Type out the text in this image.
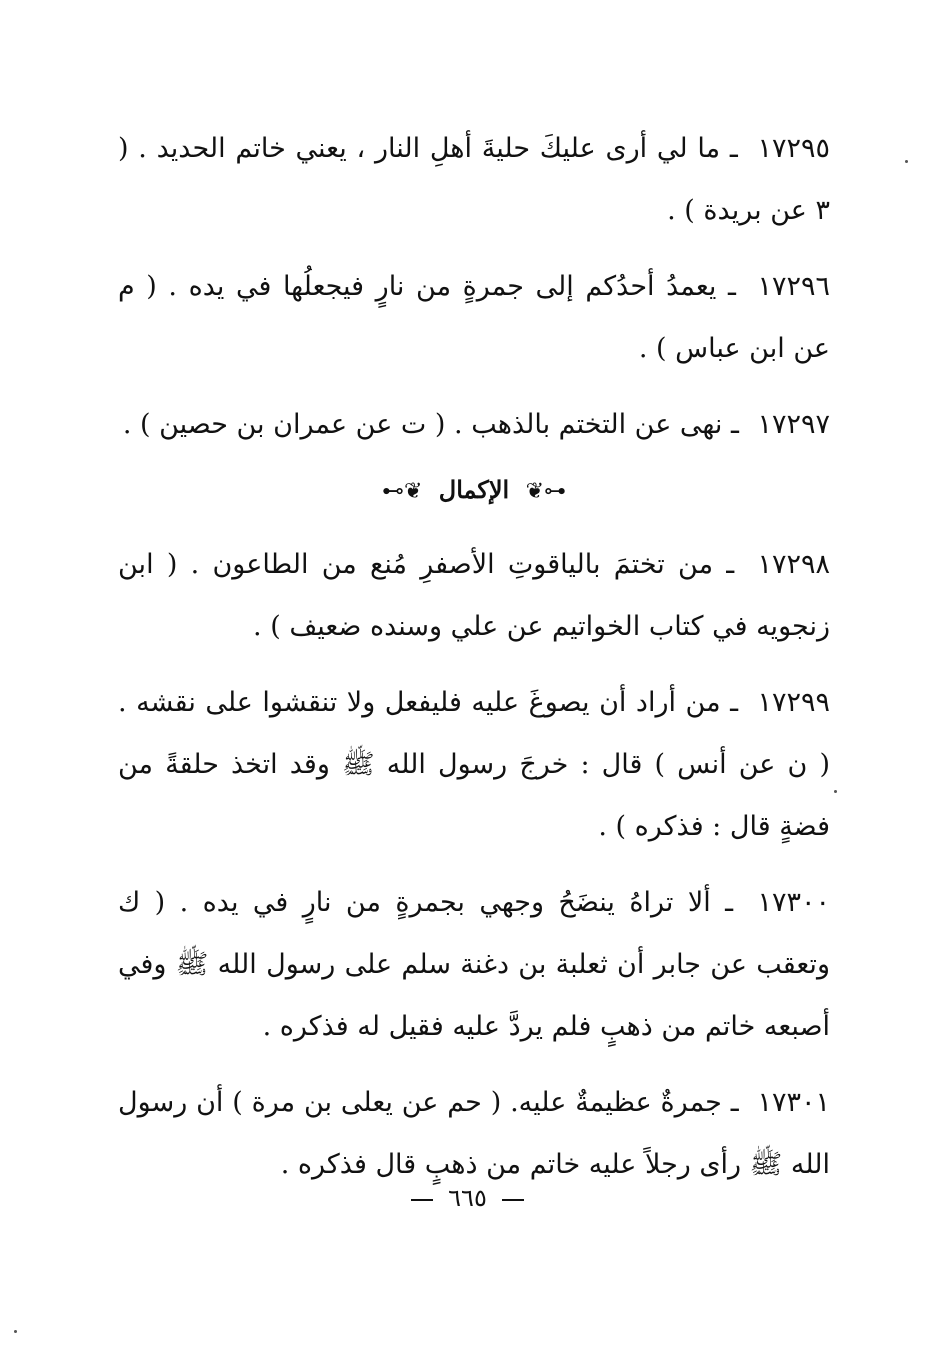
١٧٢٩٥ ـ ما لي أرى عليكَ حليةَ أهلِ النار ، يعني خاتم الحديد . ( ٣ عن بريدة ) .

١٧٢٩٦ ـ يعمدُ أحدُكم إلى جمرةٍ من نارٍ فيجعلُها في يده . ( م عن ابن عباس ) .

١٧٢٩٧ ـ نهى عن التختم بالذهب . ( ت عن عمران بن حصين ) .

⊷❦ الإكمال ❦⊶

١٧٢٩٨ ـ من تختمَ بالياقوتِ الأصفرِ مُنع من الطاعون . ( ابن زنجويه في كتاب الخواتيم عن علي وسنده ضعيف ) .

١٧٢٩٩ ـ من أراد أن يصوغَ عليه فليفعل ولا تنقشوا على نقشه . ( ن عن أنس ) قال : خرجَ رسول الله ﷺ وقد اتخذ حلقةً من فضةٍ قال : فذكره ) .

١٧٣٠٠ ـ ألا تراهُ ينضَحُ وجهي بجمرةٍ من نارٍ في يده . ( ك وتعقب عن جابر أن ثعلبة بن دغنة سلم على رسول الله ﷺ وفي أصبعه خاتم من ذهبٍ فلم يردَّ عليه فقيل له فذكره .

١٧٣٠١ ـ جمرةٌ عظيمةٌ عليه. ( حم عن يعلى بن مرة ) أن رسول الله ﷺ رأى رجلاً عليه خاتم من ذهبٍ قال فذكره .

٦٦٥
